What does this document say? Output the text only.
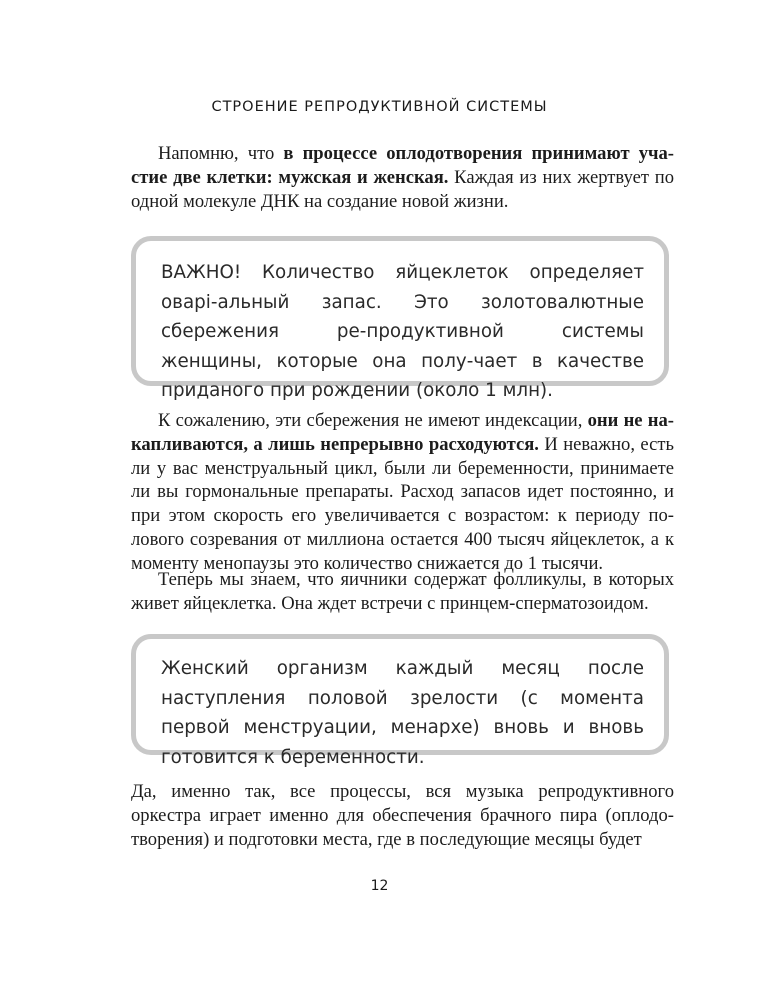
СТРОЕНИЕ РЕПРОДУКТИВНОЙ СИСТЕМЫ

Напомню, что в процессе оплодотворения принимают уча-стие две клетки: мужская и женская. Каждая из них жертвует по одной молекуле ДНК на создание новой жизни.

ВАЖНО! Количество яйцеклеток определяет оварi-альный запас. Это золотовалютные сбережения ре-продуктивной системы женщины, которые она полу-чает в качестве приданого при рождении (около 1 млн).

К сожалению, эти сбережения не имеют индексации, они не на-капливаются, а лишь непрерывно расходуются. И неважно, есть ли у вас менструальный цикл, были ли беременности, принимаете ли вы гормональные препараты. Расход запасов идет постоянно, и при этом скорость его увеличивается с возрастом: к периоду по-лового созревания от миллиона остается 400 тысяч яйцеклеток, а к моменту менопаузы это количество снижается до 1 тысячи.

Теперь мы знаем, что яичники содержат фолликулы, в которых живет яйцеклетка. Она ждет встречи с принцем-сперматозоидом.

Женский организм каждый месяц после наступления половой зрелости (с момента первой менструации, менархе) вновь и вновь готовится к беременности.

Да, именно так, все процессы, вся музыка репродуктивного оркестра играет именно для обеспечения брачного пира (оплодо-творения) и подготовки места, где в последующие месяцы будет

12
